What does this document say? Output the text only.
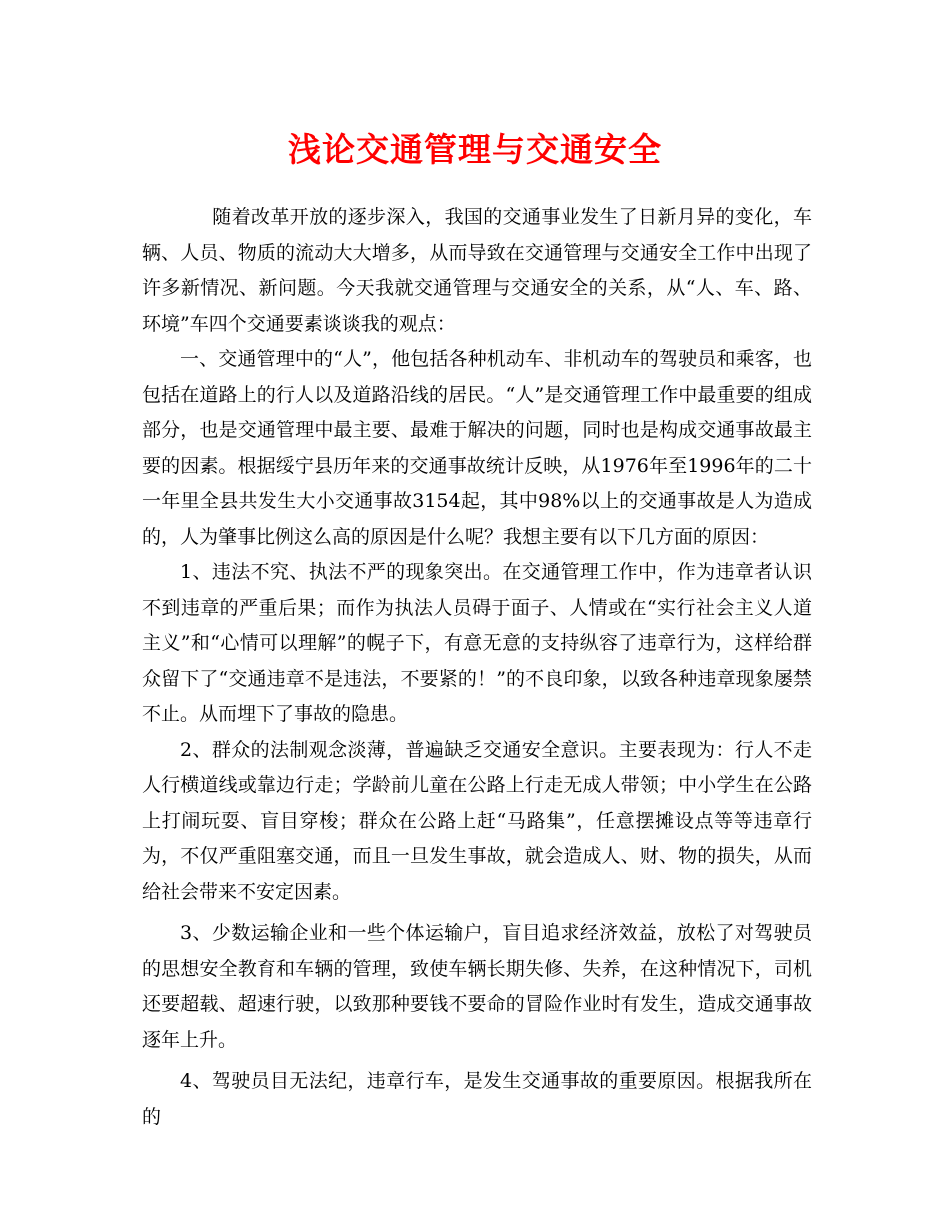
浅论交通管理与交通安全

随着改革开放的逐步深入，我国的交通事业发生了日新月异的变化，车辆、人员、物质的流动大大增多，从而导致在交通管理与交通安全工作中出现了许多新情况、新问题。今天我就交通管理与交通安全的关系，从“人、车、路、环境”车四个交通要素谈谈我的观点：

一、交通管理中的“人”，他包括各种机动车、非机动车的驾驶员和乘客，也包括在道路上的行人以及道路沿线的居民。“人”是交通管理工作中最重要的组成部分，也是交通管理中最主要、最难于解决的问题，同时也是构成交通事故最主要的因素。根据绥宁县历年来的交通事故统计反映，从1976年至1996年的二十一年里全县共发生大小交通事故3154起，其中98%以上的交通事故是人为造成的，人为肇事比例这么高的原因是什么呢？我想主要有以下几方面的原因：

1、违法不究、执法不严的现象突出。在交通管理工作中，作为违章者认识不到违章的严重后果；而作为执法人员碍于面子、人情或在“实行社会主义人道主义”和“心情可以理解”的幌子下，有意无意的支持纵容了违章行为，这样给群众留下了“交通违章不是违法，不要紧的！”的不良印象，以致各种违章现象屡禁不止。从而埋下了事故的隐患。

2、群众的法制观念淡薄，普遍缺乏交通安全意识。主要表现为：行人不走人行横道线或靠边行走；学龄前儿童在公路上行走无成人带领；中小学生在公路上打闹玩耍、盲目穿梭；群众在公路上赶“马路集”，任意摆摊设点等等违章行为，不仅严重阻塞交通，而且一旦发生事故，就会造成人、财、物的损失，从而给社会带来不安定因素。

3、少数运输企业和一些个体运输户，盲目追求经济效益，放松了对驾驶员的思想安全教育和车辆的管理，致使车辆长期失修、失养，在这种情况下，司机还要超载、超速行驶，以致那种要钱不要命的冒险作业时有发生，造成交通事故逐年上升。

4、驾驶员目无法纪，违章行车，是发生交通事故的重要原因。根据我所在的
